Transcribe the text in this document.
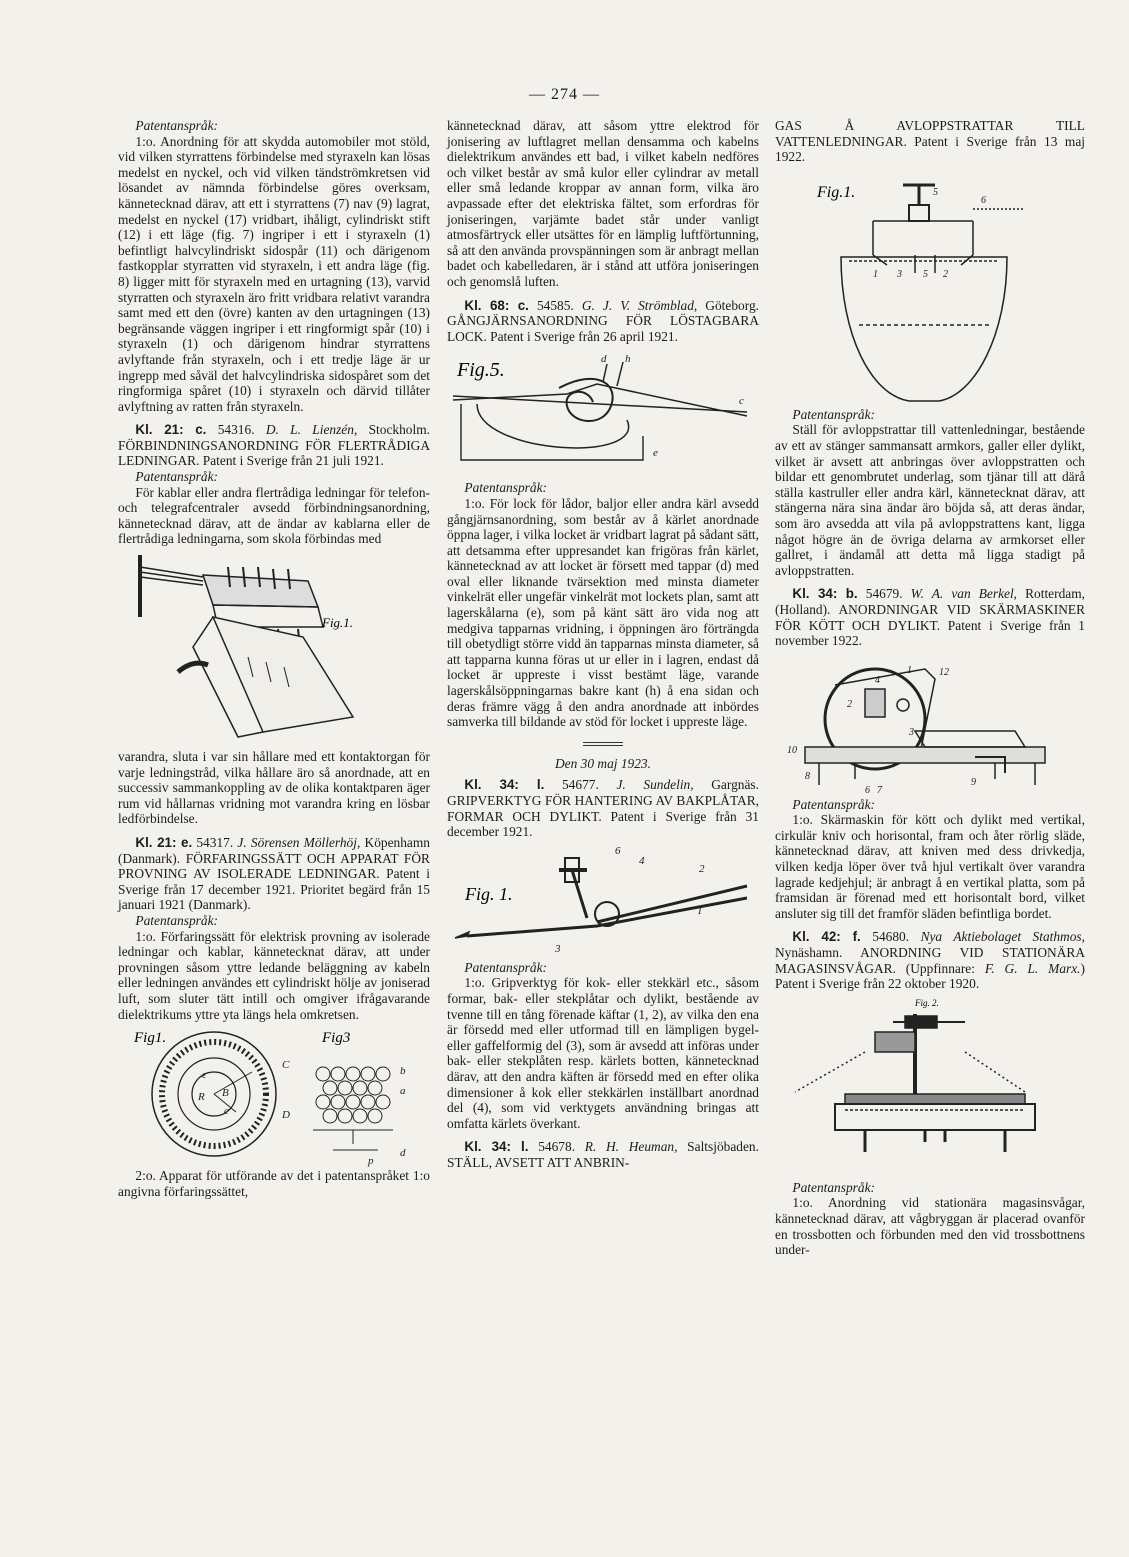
— 274 —

Patentanspråk:

1:o. Anordning för att skydda automobiler mot stöld, vid vilken styrrattens förbindelse med styraxeln kan lösas medelst en nyckel, och vid vilken tändströmkretsen vid lösandet av nämnda förbindelse göres overksam, kännetecknad därav, att ett i styrrattens (7) nav (9) lagrat, medelst en nyckel (17) vridbart, ihåligt, cylindriskt stift (12) i ett läge (fig. 7) ingriper i ett i styraxeln (1) befintligt halvcylindriskt sidospår (11) och därigenom fastkopplar styrratten vid styraxeln, i ett andra läge (fig. 8) ligger mitt för styraxeln med en urtagning (13), varvid styrratten och styraxeln äro fritt vridbara relativt varandra samt med ett den (övre) kanten av den urtagningen (13) begränsande väggen ingriper i ett ringformigt spår (10) i styraxeln (1) och därigenom hindrar styrrattens avlyftande från styraxeln, och i ett tredje läge är ur ingrepp med såväl det halvcylindriska sidospåret som det ringformiga spåret (10) i styraxeln och därvid tillåter avlyftning av ratten från styraxeln.

Kl. 21: c. 54316. D. L. Lienzén, Stockholm. FÖRBINDNINGSANORDNING FÖR FLERTRÅDIGA LEDNINGAR. Patent i Sverige från 21 juli 1921.

Patentanspråk:

För kablar eller andra flertrådiga ledningar för telefon- och telegrafcentraler avsedd förbindningsanordning, kännetecknad därav, att de ändar av kablarna eller de flertrådiga ledningarna, som skola förbindas med

Fig.1.

varandra, sluta i var sin hållare med ett kontaktorgan för varje ledningstråd, vilka hållare äro så anordnade, att en successiv sammankoppling av de olika kontaktparen äger rum vid hållarnas vridning mot varandra kring en lösbar ledförbindelse.

Kl. 21: e. 54317. J. Sörensen Möllerhöj, Köpenhamn (Danmark). FÖRFARINGSSÄTT OCH APPARAT FÖR PROVNING AV ISOLERADE LEDNINGAR. Patent i Sverige från 17 december 1921. Prioritet begärd från 15 januari 1921 (Danmark).

Patentanspråk:

1:o. Förfaringssätt för elektrisk provning av isolerade ledningar och kablar, kännetecknat därav, att under provningen såsom yttre ledande beläggning av kabeln eller ledningen användes ett cylindriskt hölje av joniserad luft, som sluter tätt intill och omgiver ifrågavarande dielektrikums yttre yta längs hela omkretsen.

ε
R B
c
C
D
b
a
p
d
Fig1.	Fig3

2:o. Apparat för utförande av det i patentanspråket 1:o angivna förfaringssättet,

kännetecknad därav, att såsom yttre elektrod för jonisering av luftlagret mellan densamma och kabelns dielektrikum användes ett bad, i vilket kabeln nedföres och vilket består av små kulor eller cylindrar av metall eller små ledande kroppar av annan form, vilka äro avpassade efter det elektriska fältet, som erfordras för joniseringen, varjämte badet står under vanligt atmosfärtryck eller utsättes för en lämplig luftförtunning, så att den använda provspänningen som är anbragt mellan badet och kabelledaren, är i stånd att utföra joniseringen och genomslå luften.

Kl. 68: c. 54585. G. J. V. Strömblad, Göteborg. GÅNGJÄRNSANORDNING FÖR LÖSTAGBARA LOCK. Patent i Sverige från 26 april 1921.

d h
c
e
Fig.5.

Patentanspråk:

1:o. För lock för lådor, baljor eller andra kärl avsedd gångjärnsanordning, som består av å kärlet anordnade öppna lager, i vilka locket är vridbart lagrat på sådant sätt, att detsamma efter uppresandet kan frigöras från kärlet, kännetecknad av att locket är försett med tappar (d) med oval eller liknande tvärsektion med minsta diameter vinkelrät eller ungefär vinkelrät mot lockets plan, samt att lagerskålarna (e), som på känt sätt äro vida nog att medgiva tapparnas vridning, i öppningen äro förträngda till obetydligt större vidd än tapparnas minsta diameter, så att tapparna kunna föras ut ur eller in i lagren, endast då locket är uppreste i visst bestämt läge, varande lagerskålsöppningarnas bakre kant (h) å ena sidan och deras främre vägg å den andra anordnade att inbördes samverka till bildande av stöd för locket i uppreste läge.

Den 30 maj 1923.

Kl. 34: l. 54677. J. Sundelin, Gargnäs. GRIPVERKTYG FÖR HANTERING AV BAKPLÅTAR, FORMAR OCH DYLIKT. Patent i Sverige från 31 december 1921.

6
4
2
1
3
Fig. 1.

Patentanspråk:

1:o. Gripverktyg för kok- eller stekkärl etc., såsom formar, bak- eller stekplåtar och dylikt, bestående av tvenne till en tång förenade käftar (1, 2), av vilka den ena är försedd med eller utformad till en lämpligen bygel- eller gaffelformig del (3), som är avsedd att införas under bak- eller stekplåten resp. kärlets botten, kännetecknad därav, att den andra käften är försedd med en efter olika dimensioner å kok eller stekkärlen inställbart anordnad del (4), som vid verktygets användning bringas att omfatta kärlets överkant.

Kl. 34: l. 54678. R. H. Heuman, Saltsjöbaden. STÄLL, AVSETT ATT ANBRIN-

GAS Å AVLOPPSTRATTAR TILL VATTENLEDNINGAR. Patent i Sverige från 13 maj 1922.

5
6
1 3 5 2
Fig.1.

Patentanspråk:

Ställ för avloppstrattar till vattenledningar, bestående av ett av stänger sammansatt armkors, galler eller dylikt, vilket är avsett att anbringas över avloppstratten och bildar ett genombrutet underlag, som tjänar till att därå ställa kastruller eller andra kärl, kännetecknat därav, att stängerna nära sina ändar äro böjda så, att deras ändar, som äro avsedda att vila på avloppstrattens kant, ligga något högre än de övriga delarna av armkorset eller gallret, i ändamål att detta må ligga stadigt på avloppstratten.

Kl. 34: b. 54679. W. A. van Berkel, Rotterdam, (Holland). ANORDNINGAR VID SKÄRMASKINER FÖR KÖTT OCH DYLIKT. Patent i Sverige från 1 november 1922.

1
4
12
2
3
8
6 7
9
10

Patentanspråk:

1:o. Skärmaskin för kött och dylikt med vertikal, cirkulär kniv och horisontal, fram och åter rörlig släde, kännetecknad därav, att kniven med dess drivkedja, vilken kedja löper över två hjul vertikalt över varandra lagrade kedjehjul; är anbragt å en vertikal platta, som på framsidan är förenad med ett horisontalt bord, vilket ansluter sig till det framför släden befintliga bordet.

Kl. 42: f. 54680. Nya Aktiebolaget Stathmos, Nynäshamn. ANORDNING VID STATIONÄRA MAGASINSVÅGAR. (Uppfinnare: F. G. L. Marx.) Patent i Sverige från 22 oktober 1920.

Fig. 2.

Patentanspråk:

1:o. Anordning vid stationära magasinsvågar, kännetecknad därav, att vågbryggan är placerad ovanför en trossbotten och förbunden med den vid trossbottnens under-
